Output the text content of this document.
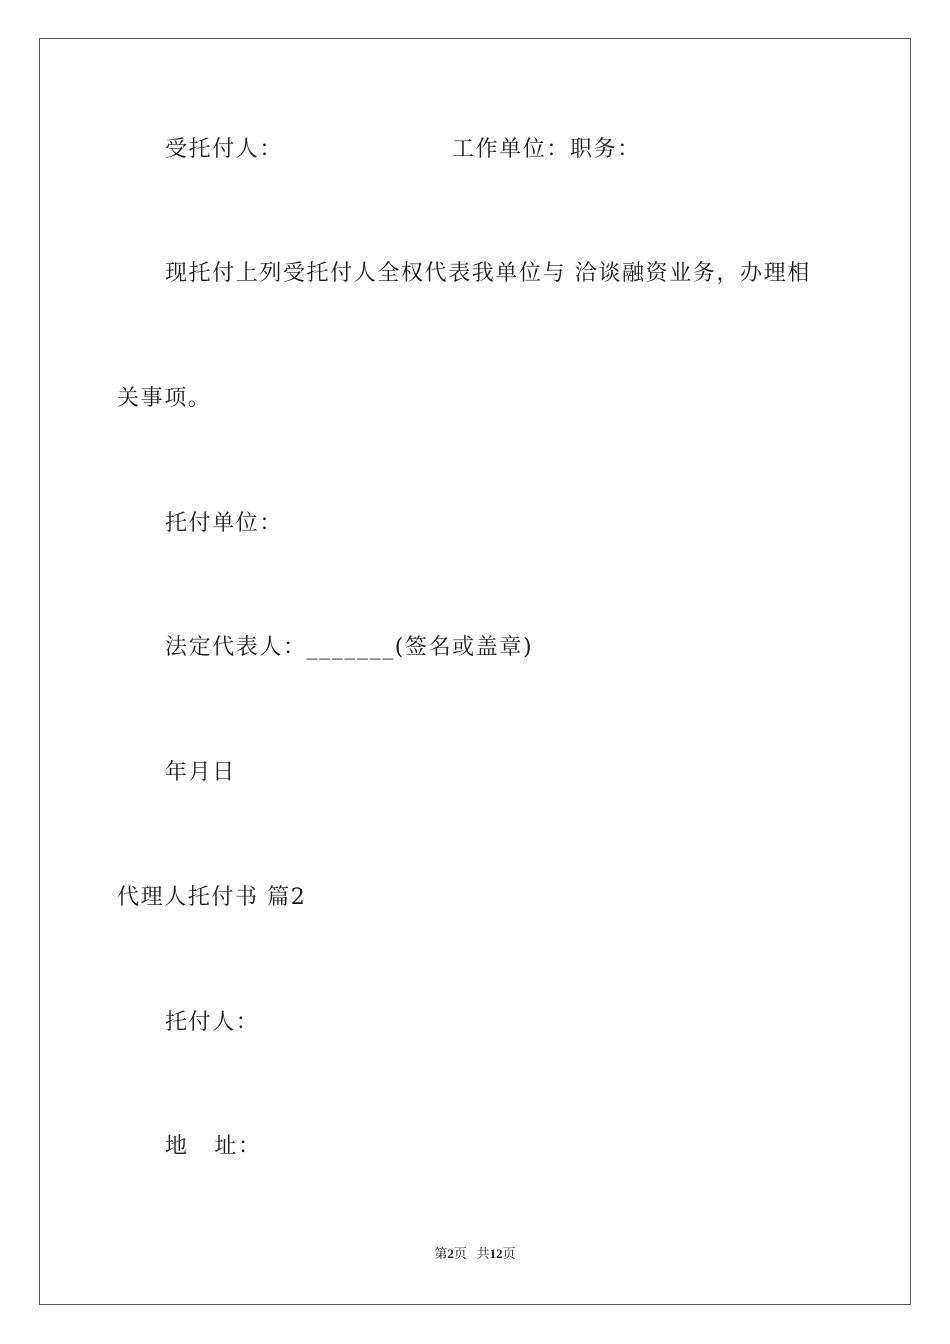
受托付人：	工作单位：职务：
现托付上列受托付人全权代表我单位与 洽谈融资业务，办理相
关事项。
托付单位：
法定代表人：_______(签名或盖章)
年月日
代理人托付书 篇2
托付人：
地   址：
第2页 共12页
